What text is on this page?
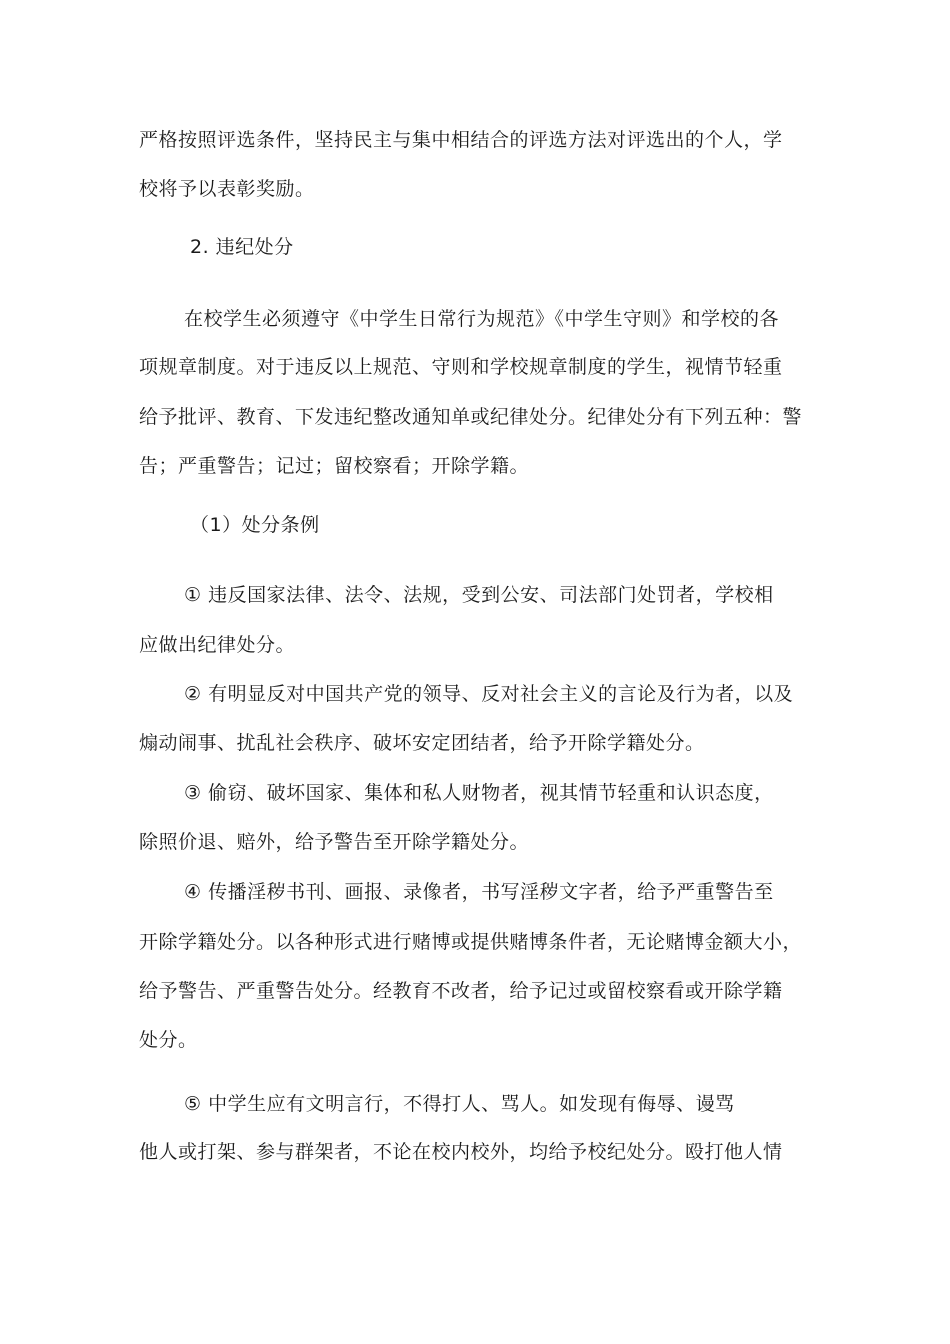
严格按照评选条件，坚持民主与集中相结合的评选方法对评选出的个人，学
校将予以表彰奖励。
2. 违纪处分
在校学生必须遵守《中学生日常行为规范》《中学生守则》和学校的各
项规章制度。对于违反以上规范、守则和学校规章制度的学生，视情节轻重
给予批评、教育、下发违纪整改通知单或纪律处分。纪律处分有下列五种：警
告；严重警告；记过；留校察看；开除学籍。
（1）处分条例
① 违反国家法律、法令、法规，受到公安、司法部门处罚者，学校相
应做出纪律处分。
② 有明显反对中国共产党的领导、反对社会主义的言论及行为者，以及
煽动闹事、扰乱社会秩序、破坏安定团结者，给予开除学籍处分。
③ 偷窃、破坏国家、集体和私人财物者，视其情节轻重和认识态度，
除照价退、赔外，给予警告至开除学籍处分。
④ 传播淫秽书刊、画报、录像者，书写淫秽文字者，给予严重警告至
开除学籍处分。以各种形式进行赌博或提供赌博条件者，无论赌博金额大小，
给予警告、严重警告处分。经教育不改者，给予记过或留校察看或开除学籍
处分。
⑤ 中学生应有文明言行，不得打人、骂人。如发现有侮辱、谩骂
他人或打架、参与群架者，不论在校内校外，均给予校纪处分。殴打他人情
